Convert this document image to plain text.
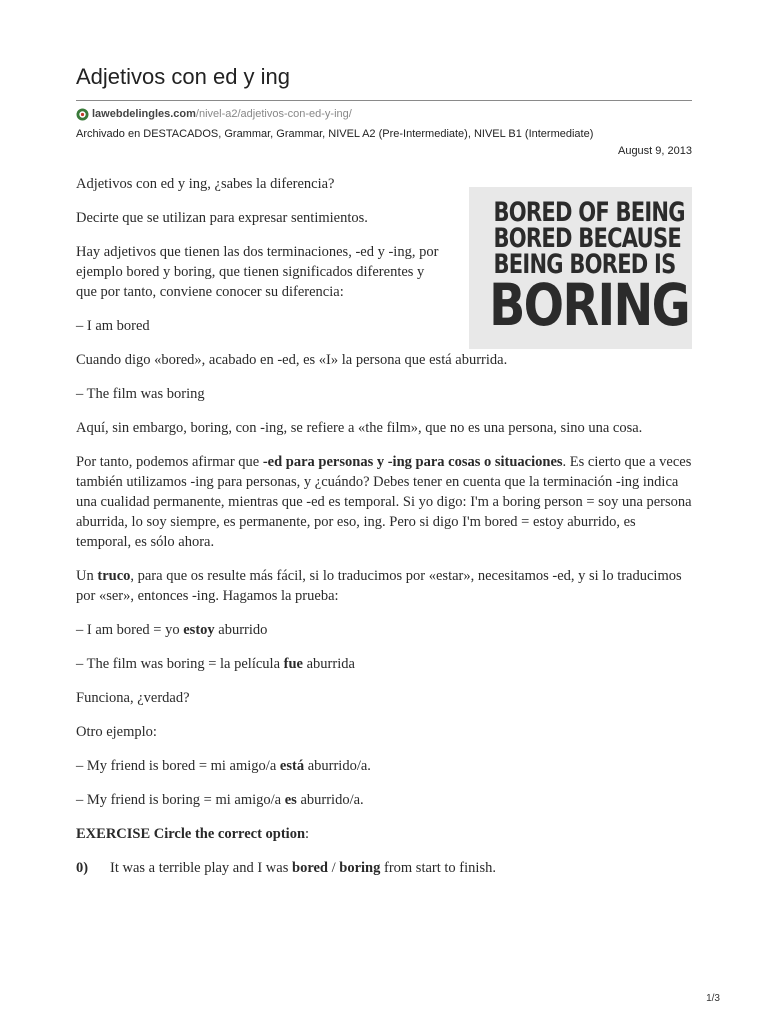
Adjetivos con ed y ing
lawebdelingles.com /nivel-a2/adjetivos-con-ed-y-ing/
Archivado en DESTACADOS, Grammar, Grammar, NIVEL A2 (Pre-Intermediate), NIVEL B1 (Intermediate)
August 9, 2013
BORED OF BEING
BORED BECAUSE
BEING BORED IS
BORING

Adjetivos con ed y ing, ¿sabes la diferencia?

Decirte que se utilizan para expresar sentimientos.

Hay adjetivos que tienen las dos terminaciones, -ed y -ing, por ejemplo bored y boring, que tienen significados diferentes y que por tanto, conviene conocer su diferencia:

– I am bored

Cuando digo «bored», acabado en -ed, es «I» la persona que está aburrida.

– The film was boring

Aquí, sin embargo, boring, con -ing, se refiere a «the film», que no es una persona, sino una cosa.

Por tanto, podemos afirmar que -ed para personas y -ing para cosas o situaciones. Es cierto que a veces también utilizamos -ing para personas, y ¿cuándo? Debes tener en cuenta que la terminación -ing indica una cualidad permanente, mientras que -ed es temporal. Si yo digo: I'm a boring person = soy una persona aburrida, lo soy siempre, es permanente, por eso, ing. Pero si digo I'm bored = estoy aburrido, es temporal, es sólo ahora.

Un truco, para que os resulte más fácil, si lo traducimos por «estar», necesitamos -ed, y si lo traducimos por «ser», entonces -ing. Hagamos la prueba:

– I am bored = yo estoy aburrido

– The film was boring = la película fue aburrida

Funciona, ¿verdad?

Otro ejemplo:

– My friend is bored = mi amigo/a está aburrido/a.

– My friend is boring = mi amigo/a es aburrido/a.

EXERCISE Circle the correct option:

0)	It was a terrible play and I was bored / boring from start to finish.
1/3
